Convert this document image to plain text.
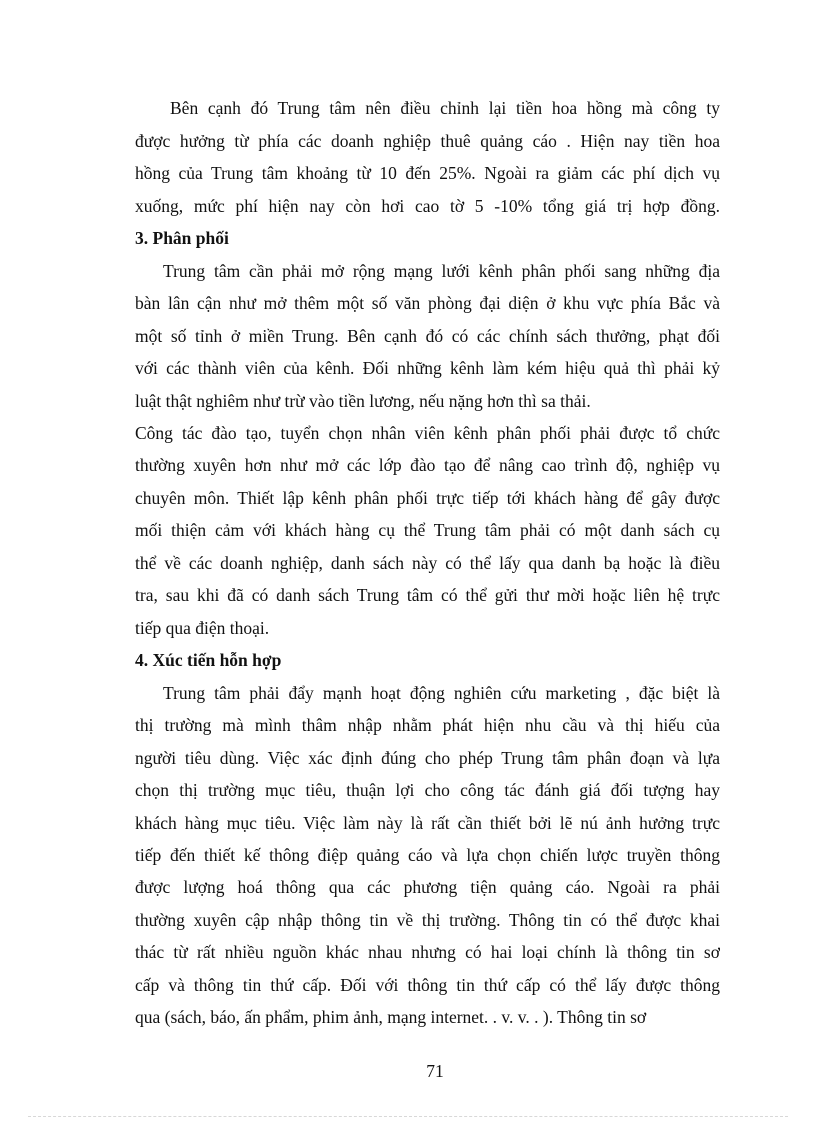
Bên cạnh đó Trung tâm nên điều chỉnh lại tiền hoa hồng mà công ty
được hưởng từ phía các doanh nghiệp thuê quảng cáo . Hiện nay tiền hoa
hồng của Trung tâm khoảng từ 10 đến 25%. Ngoài ra giảm các phí dịch vụ
xuống, mức phí hiện nay còn hơi cao tờ 5 -10% tổng giá trị hợp đồng.
3. Phân phối
Trung tâm cần phải mở rộng mạng lưới kênh phân phối sang những địa
bàn lân cận như mở thêm một số văn phòng đại diện ở khu vực phía Bắc và
một số tỉnh ở miền Trung. Bên cạnh đó có các chính sách thưởng, phạt đối
với các thành viên của kênh. Đối những kênh làm kém hiệu quả thì phải kỷ
luật thật nghiêm như trừ vào tiền lương, nếu nặng hơn thì sa thải.
Công tác đào tạo, tuyển chọn nhân viên kênh phân phối phải được tổ chức
thường xuyên hơn như mở các lớp đào tạo để nâng cao trình độ, nghiệp vụ
chuyên môn. Thiết lập kênh phân phối trực tiếp tới khách hàng để gây được
mối thiện cảm với khách hàng cụ thể Trung tâm phải có một danh sách cụ
thể về các doanh nghiệp, danh sách này có thể lấy qua danh bạ hoặc là điều
tra, sau khi đã có danh sách Trung tâm có thể gửi thư mời hoặc liên hệ trực
tiếp qua điện thoại.
4. Xúc tiến hỗn hợp
Trung tâm phải đẩy mạnh hoạt động nghiên cứu marketing , đặc biệt là
thị trường mà mình thâm nhập nhằm phát hiện nhu cầu và thị hiếu của
người tiêu dùng. Việc xác định đúng cho phép Trung tâm phân đoạn và lựa
chọn thị trường mục tiêu, thuận lợi cho công tác đánh giá đối tượng hay
khách hàng mục tiêu. Việc làm này là rất cần thiết bởi lẽ nú ảnh hưởng trực
tiếp đến thiết kế thông điệp quảng cáo và lựa chọn chiến lược truyền thông
được lượng hoá thông qua các phương tiện quảng cáo. Ngoài ra phải
thường xuyên cập nhập thông tin về thị trường. Thông tin có thể được khai
thác từ rất nhiều nguồn khác nhau nhưng có hai loại chính là thông tin sơ
cấp và thông tin thứ cấp. Đối với thông tin thứ cấp có thể lấy được thông
qua (sách, báo, ấn phẩm, phim ảnh, mạng internet. . v. v. . ). Thông tin sơ
71
